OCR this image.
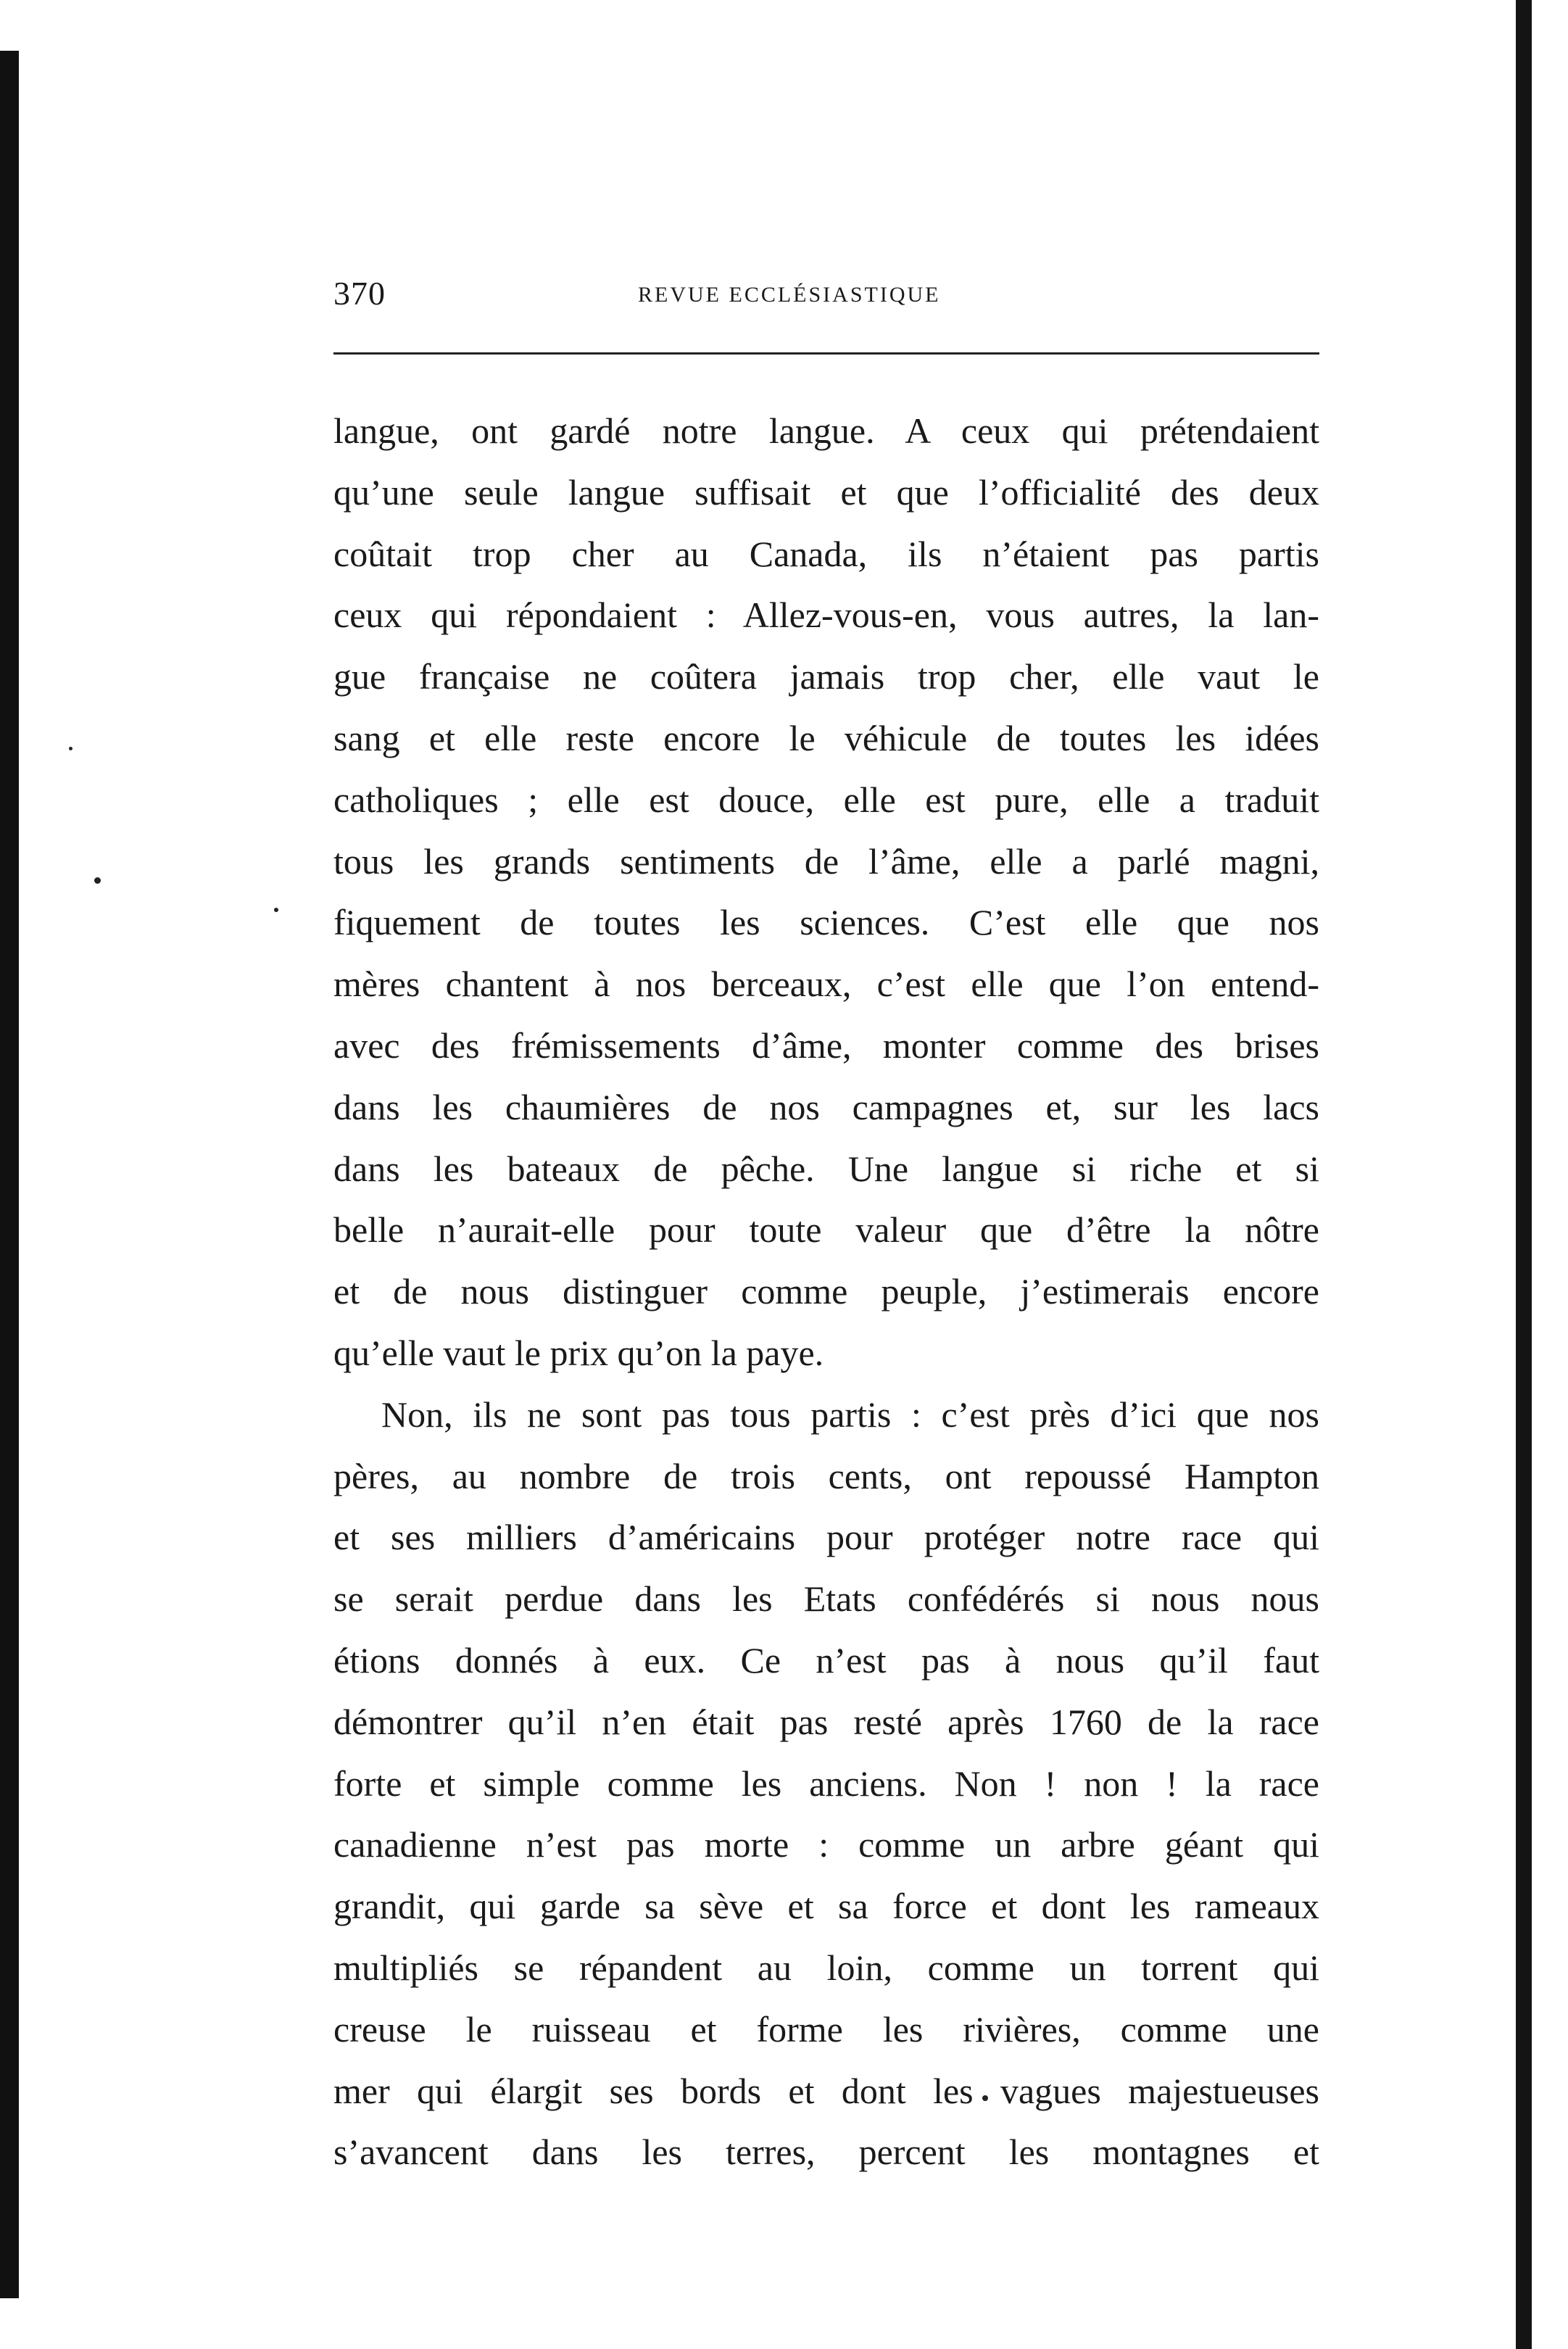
370	REVUE ECCLÉSIASTIQUE
langue, ont gardé notre langue. A ceux qui prétendaient
qu’une seule langue suffisait et que l’officialité des deux
coûtait trop cher au Canada, ils n’étaient pas partis
ceux qui répondaient : Allez-vous-en, vous autres, la lan-
gue française ne coûtera jamais trop cher, elle vaut le
sang et elle reste encore le véhicule de toutes les idées
catholiques ; elle est douce, elle est pure, elle a traduit
tous les grands sentiments de l’âme, elle a parlé magni,
fiquement de toutes les sciences. C’est elle que nos
mères chantent à nos berceaux, c’est elle que l’on entend-
avec des frémissements d’âme, monter comme des brises
dans les chaumières de nos campagnes et, sur les lacs
dans les bateaux de pêche. Une langue si riche et si
belle n’aurait-elle pour toute valeur que d’être la nôtre
et de nous distinguer comme peuple, j’estimerais encore
qu’elle vaut le prix qu’on la paye.
Non, ils ne sont pas tous partis : c’est près d’ici que nos
pères, au nombre de trois cents, ont repoussé Hampton
et ses milliers d’américains pour protéger notre race qui
se serait perdue dans les Etats confédérés si nous nous
étions donnés à eux. Ce n’est pas à nous qu’il faut
démontrer qu’il n’en était pas resté après 1760 de la race
forte et simple comme les anciens. Non ! non ! la race
canadienne n’est pas morte : comme un arbre géant qui
grandit, qui garde sa sève et sa force et dont les rameaux
multipliés se répandent au loin, comme un torrent qui
creuse le ruisseau et forme les rivières, comme une
mer qui élargit ses bords et dont les vagues majestueuses
s’avancent dans les terres, percent les montagnes et
